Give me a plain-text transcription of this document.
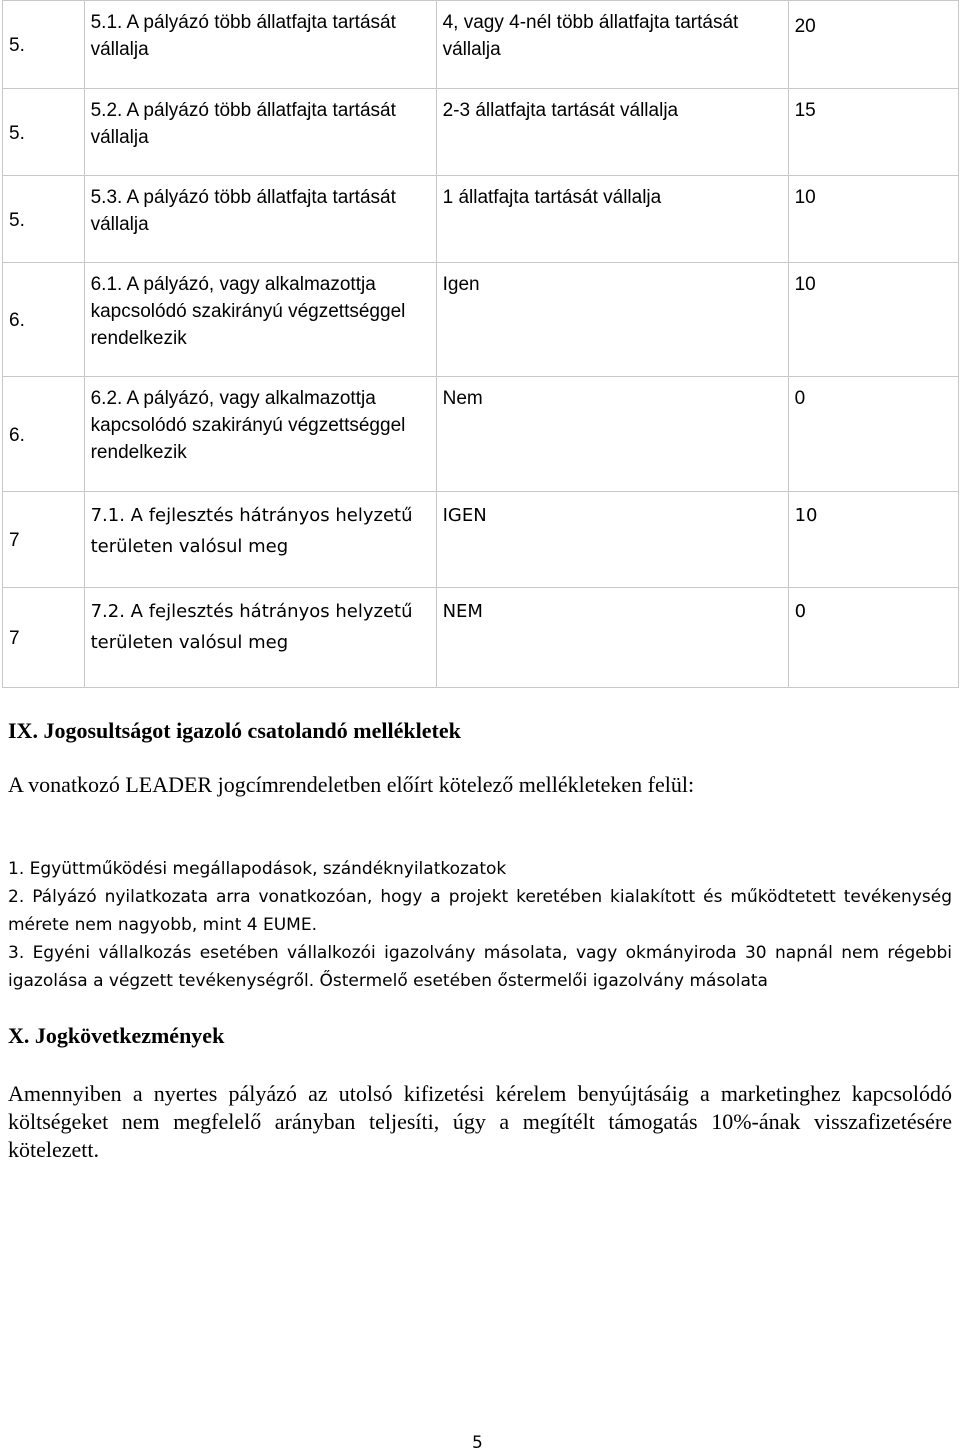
5.	5.1. A pályázó több állatfajta tartását vállalja	4, vagy 4-nél több állatfajta tartását vállalja	20

5.	5.2. A pályázó több állatfajta tartását vállalja	2-3 állatfajta tartását vállalja	15

5.	5.3. A pályázó több állatfajta tartását vállalja	1 állatfajta tartását vállalja	10

6.	6.1. A pályázó, vagy alkalmazottja kapcsolódó szakirányú végzettséggel rendelkezik	Igen	10

6.	6.2. A pályázó, vagy alkalmazottja kapcsolódó szakirányú végzettséggel rendelkezik	Nem	0

7	7.1. A fejlesztés hátrányos helyzetű területen valósul meg	IGEN	10

7	7.2. A fejlesztés hátrányos helyzetű területen valósul meg	NEM	0
IX. Jogosultságot igazoló csatolandó mellékletek
A vonatkozó LEADER jogcímrendeletben előírt kötelező mellékleteken felül:
1. Együttműködési megállapodások, szándéknyilatkozatok
2. Pályázó nyilatkozata arra vonatkozóan, hogy a projekt keretében kialakított és működtetett tevékenység mérete nem nagyobb, mint 4 EUME.
3. Egyéni vállalkozás esetében vállalkozói igazolvány másolata, vagy okmányiroda 30 napnál nem régebbi igazolása a végzett tevékenységről. Őstermelő esetében őstermelői igazolvány másolata
X. Jogkövetkezmények

Amennyiben a nyertes pályázó az utolsó kifizetési kérelem benyújtásáig a marketinghez kapcsolódó költségeket nem megfelelő arányban teljesíti, úgy a megítélt támogatás 10%-ának visszafizetésére kötelezett.

5
